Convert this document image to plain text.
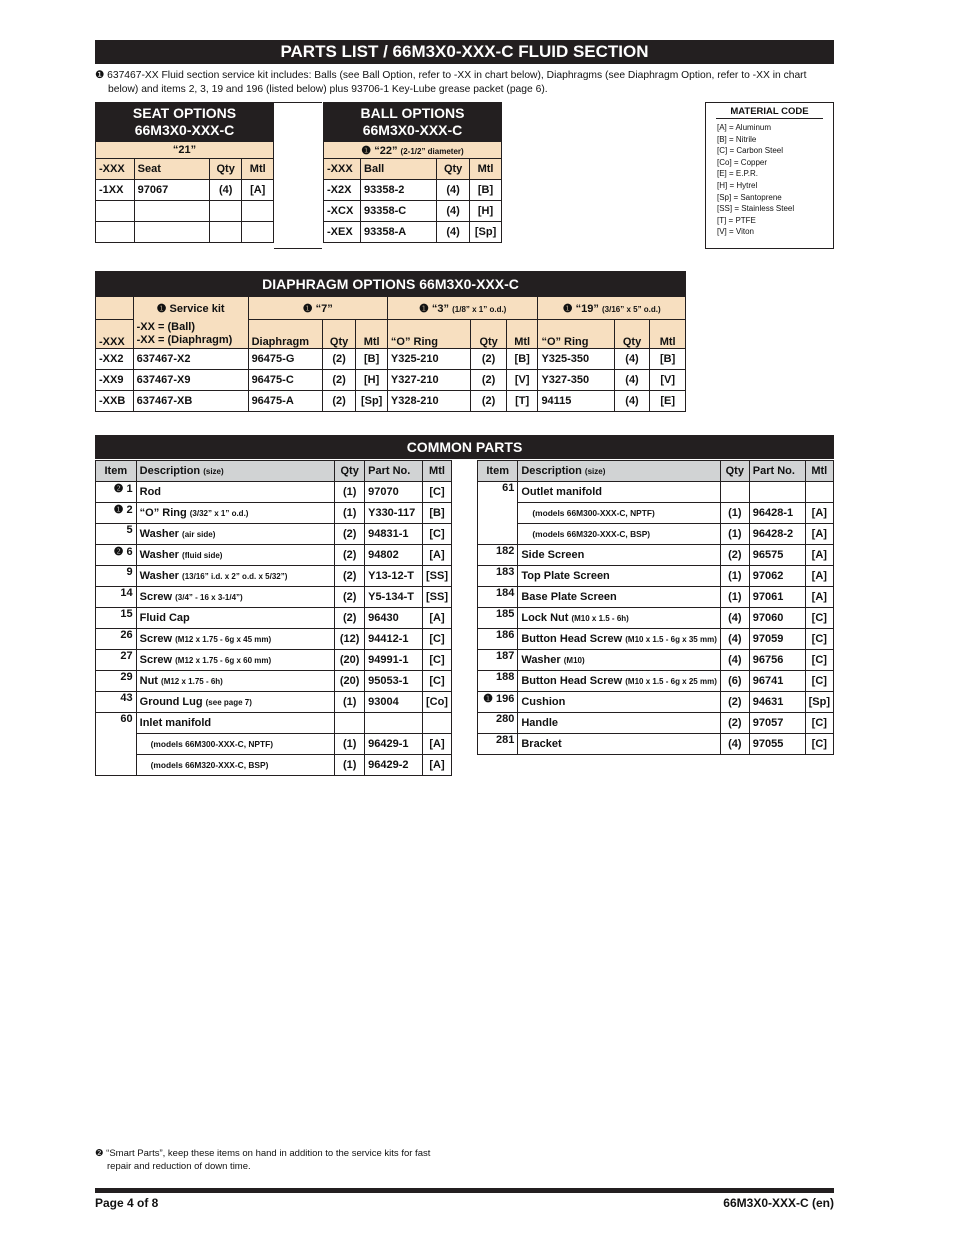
PARTS LIST / 66M3X0-XXX-C FLUID SECTION
❶ 637467-XX Fluid section service kit includes: Balls (see Ball Option, refer to -XX in chart below), Diaphragms (see Diaphragm Option, refer to -XX in chart
below) and items 2, 3, 19 and 196 (listed below) plus 93706-1 Key-Lube grease packet (page 6).
SEAT OPTIONS
66M3X0-XXX-C			

“21”			
-XXX	Seat	Qty	Mtl
-1XX	97067	(4)	[A]

BALL OPTIONS
66M3X0-XXX-C			

❶ “22” (2-1/2” diameter)			
-XXX	Ball	Qty	Mtl
-X2X	93358-2	(4)	[B]
-XCX	93358-C	(4)	[H]
-XEX	93358-A	(4)	[Sp]
MATERIAL CODE
[A] = Aluminum
[B] = Nitrile
[C] = Carbon Steel
[Co] = Copper
[E] = E.P.R.
[H] = Hytrel
[Sp] = Santoprene
[SS] = Stainless Steel
[T] = PTFE
[V] = Viton
DIAPHRAGM OPTIONS 66M3X0-XXX-C										
	❶ Service kit	❶ “7”			❶ “3” (1/8” x 1” o.d.)			❶ “19” (3/16” x 5” o.d.)		
-XXX	-XX = (Ball)
-XX = (Diaphragm)	Diaphragm	Qty	Mtl	“O” Ring	Qty	Mtl	“O” Ring	Qty	Mtl
-XX2	637467-X2	96475-G	(2)	[B]	Y325-210	(2)	[B]	Y325-350	(4)	[B]
-XX9	637467-X9	96475-C	(2)	[H]	Y327-210	(2)	[V]	Y327-350	(4)	[V]
-XXB	637467-XB	96475-A	(2)	[Sp]	Y328-210	(2)	[T]	94115	(4)	[E]
COMMON PARTS
Item	Description (size)	Qty	Part No.	Mtl
❷ 1	Rod	(1)	97070	[C]
❶ 2	“O” Ring (3/32” x 1” o.d.)	(1)	Y330-117	[B]
5	Washer (air side)	(2)	94831-1	[C]
❷ 6	Washer (fluid side)	(2)	94802	[A]
9	Washer (13/16” i.d. x 2” o.d. x 5/32”)	(2)	Y13-12-T	[SS]
14	Screw (3/4” - 16 x 3-1/4”)	(2)	Y5-134-T	[SS]
15	Fluid Cap	(2)	96430	[A]
26	Screw (M12 x 1.75 - 6g x 45 mm)	(12)	94412-1	[C]
27	Screw (M12 x 1.75 - 6g x 60 mm)	(20)	94991-1	[C]
29	Nut (M12 x 1.75 - 6h)	(20)	95053-1	[C]
43	Ground Lug (see page 7)	(1)	93004	[Co]
60	Inlet manifold			
	(models 66M300-XXX-C, NPTF)	(1)	96429-1	[A]
	(models 66M320-XXX-C, BSP)	(1)	96429-2	[A]
Item	Description (size)	Qty	Part No.	Mtl
61	Outlet manifold			
	(models 66M300-XXX-C, NPTF)	(1)	96428-1	[A]
	(models 66M320-XXX-C, BSP)	(1)	96428-2	[A]
182	Side Screen	(2)	96575	[A]
183	Top Plate Screen	(1)	97062	[A]
184	Base Plate Screen	(1)	97061	[A]
185	Lock Nut (M10 x 1.5 - 6h)	(4)	97060	[C]
186	Button Head Screw (M10 x 1.5 - 6g x 35 mm)	(4)	97059	[C]
187	Washer (M10)	(4)	96756	[C]
188	Button Head Screw (M10 x 1.5 - 6g x 25 mm)	(6)	96741	[C]
❶ 196	Cushion	(2)	94631	[Sp]
280	Handle	(2)	97057	[C]
281	Bracket	(4)	97055	[C]
❷ “Smart Parts”, keep these items on hand in addition to the service kits for fast
repair and reduction of down time.
Page 4 of 8	66M3X0-XXX-C (en)
